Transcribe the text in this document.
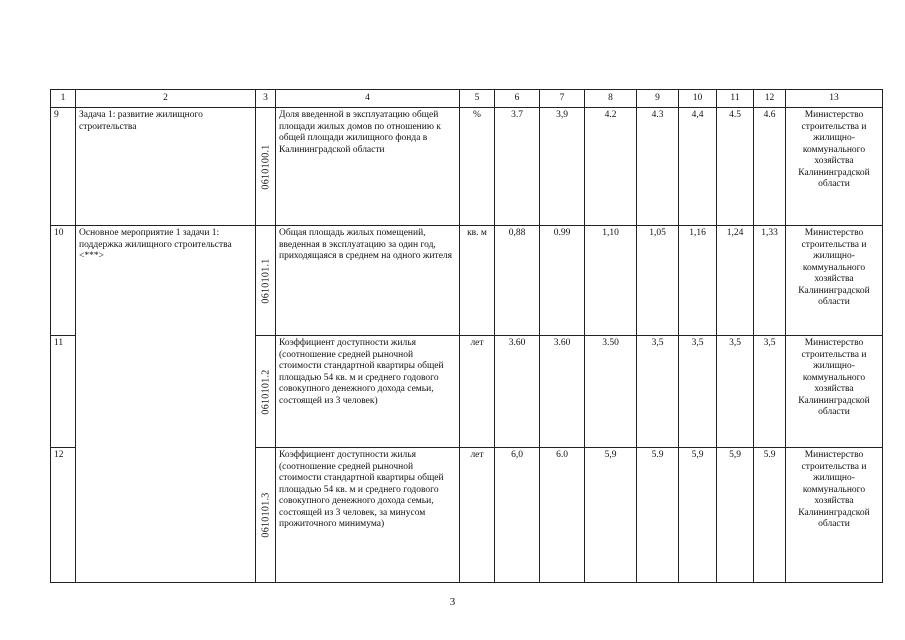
1	2	3	4	5	6	7	8	9	10	11	12	13
9	Задача 1: развитие жилищного строительства	0610100.1	Доля введенной в эксплуатацию общей площади жилых домов по отношению к общей площади жилищного фонда в Калининградской области	%	3.7	3,9	4.2	4.3	4,4	4.5	4.6	Министерство строительства и жилищно-коммунального хозяйства Калининградской области
10	Основное мероприятие 1 задачи 1: поддержка жилищного строительства <***>	0610101.1	Общая площадь жилых помещений, введенная в эксплуатацию за один год, приходящаяся в среднем на одного жителя	кв. м	0,88	0.99	1,10	1,05	1,16	1,24	1,33	Министерство строительства и жилищно-коммунального хозяйства Калининградской области
11		0610101.2	Коэффициент доступности жилья (соотношение средней рыночной стоимости стандартной квартиры общей площадью 54 кв. м и среднего годового совокупного денежного дохода семьи, состоящей из 3 человек)	лет	3.60	3.60	3.50	3,5	3,5	3,5	3,5	Министерство строительства и жилищно-коммунального хозяйства Калининградской области
12		0610101.3	Коэффициент доступности жилья (соотношение средней рыночной стоимости стандартной квартиры общей площадью 54 кв. м и среднего годового совокупного денежного дохода семьи, состоящей из 3 человек, за минусом прожиточного минимума)	лет	6,0	6.0	5,9	5.9	5,9	5,9	5.9	Министерство строительства и жилищно-коммунального хозяйства Калининградской области
3
